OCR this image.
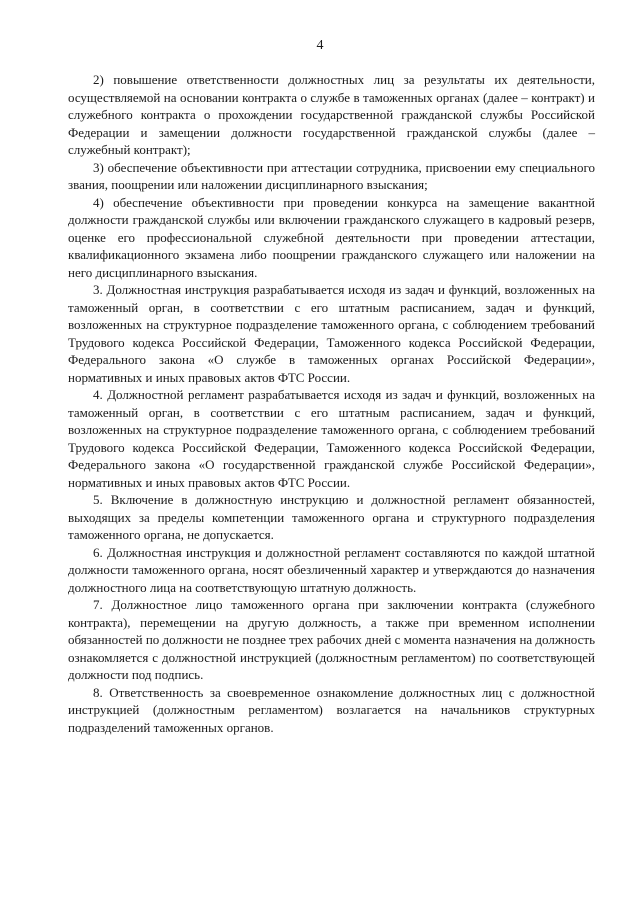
4

2) повышение ответственности должностных лиц за результаты их деятельности, осуществляемой на основании контракта о службе в таможенных органах (далее – контракт) и служебного контракта о прохождении государственной гражданской службы Российской Федерации и замещении должности государственной гражданской службы (далее – служебный контракт);

3) обеспечение объективности при аттестации сотрудника, присвоении ему специального звания, поощрении или наложении дисциплинарного взыскания;

4) обеспечение объективности при проведении конкурса на замещение вакантной должности гражданской службы или включении гражданского служащего в кадровый резерв, оценке его профессиональной служебной деятельности при проведении аттестации, квалификационного экзамена либо поощрении гражданского служащего или наложении на него дисциплинарного взыскания.

3. Должностная инструкция разрабатывается исходя из задач и функций, возложенных на таможенный орган, в соответствии с его штатным расписанием, задач и функций, возложенных на структурное подразделение таможенного органа, с соблюдением требований Трудового кодекса Российской Федерации, Таможенного кодекса Российской Федерации, Федерального закона «О службе в таможенных органах Российской Федерации», нормативных и иных правовых актов ФТС России.

4. Должностной регламент разрабатывается исходя из задач и функций, возложенных на таможенный орган, в соответствии с его штатным расписанием, задач и функций, возложенных на структурное подразделение таможенного органа, с соблюдением требований Трудового кодекса Российской Федерации, Таможенного кодекса Российской Федерации, Федерального закона «О государственной гражданской службе Российской Федерации», нормативных и иных правовых актов ФТС России.

5. Включение в должностную инструкцию и должностной регламент обязанностей, выходящих за пределы компетенции таможенного органа и структурного подразделения таможенного органа, не допускается.

6. Должностная инструкция и должностной регламент составляются по каждой штатной должности таможенного органа, носят обезличенный характер и утверждаются до назначения должностного лица на соответствующую штатную должность.

7. Должностное лицо таможенного органа при заключении контракта (служебного контракта), перемещении на другую должность, а также при временном исполнении обязанностей по должности не позднее трех рабочих дней с момента назначения на должность ознакомляется с должностной инструкцией (должностным регламентом) по соответствующей должности под подпись.

8. Ответственность за своевременное ознакомление должностных лиц с должностной инструкцией (должностным регламентом) возлагается на начальников структурных подразделений таможенных органов.
